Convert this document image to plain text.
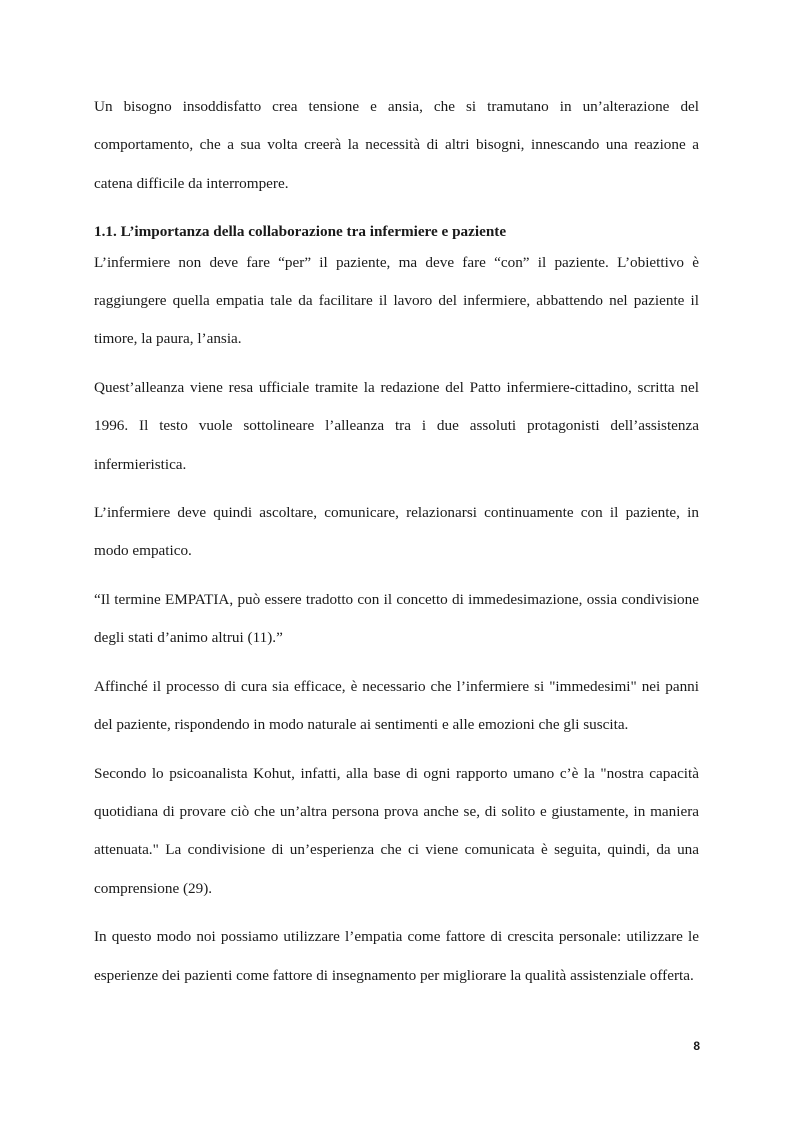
Un bisogno insoddisfatto crea tensione e ansia, che si tramutano in un’alterazione del comportamento, che a sua volta creerà la necessità di altri bisogni, innescando una reazione a catena difficile da interrompere.

1.1. L’importanza della collaborazione tra infermiere e paziente

L’infermiere non deve fare “per” il paziente, ma deve fare “con” il paziente. L’obiettivo è raggiungere quella empatia tale da facilitare il lavoro del infermiere, abbattendo nel paziente il timore, la paura, l’ansia.

Quest’alleanza viene resa ufficiale tramite la redazione del Patto infermiere-cittadino, scritta nel 1996. Il testo vuole sottolineare l’alleanza tra i due assoluti protagonisti dell’assistenza infermieristica.

L’infermiere deve quindi ascoltare, comunicare, relazionarsi continuamente con il paziente, in modo empatico.

“Il termine EMPATIA, può essere tradotto con il concetto di immedesimazione, ossia condivisione degli stati d’animo altrui (11).”

Affinché il processo di cura sia efficace, è necessario che l’infermiere si "immedesimi" nei panni del paziente, rispondendo in modo naturale ai sentimenti e alle emozioni che gli suscita.

Secondo lo psicoanalista Kohut, infatti, alla base di ogni rapporto umano c’è la "nostra capacità quotidiana di provare ciò che un’altra persona prova anche se, di solito e giustamente, in maniera attenuata." La condivisione di un’esperienza che ci viene comunicata è seguita, quindi, da una comprensione (29).

In questo modo noi possiamo utilizzare l’empatia come fattore di crescita personale: utilizzare le esperienze dei pazienti come fattore di insegnamento per migliorare la qualità assistenziale offerta.

8
